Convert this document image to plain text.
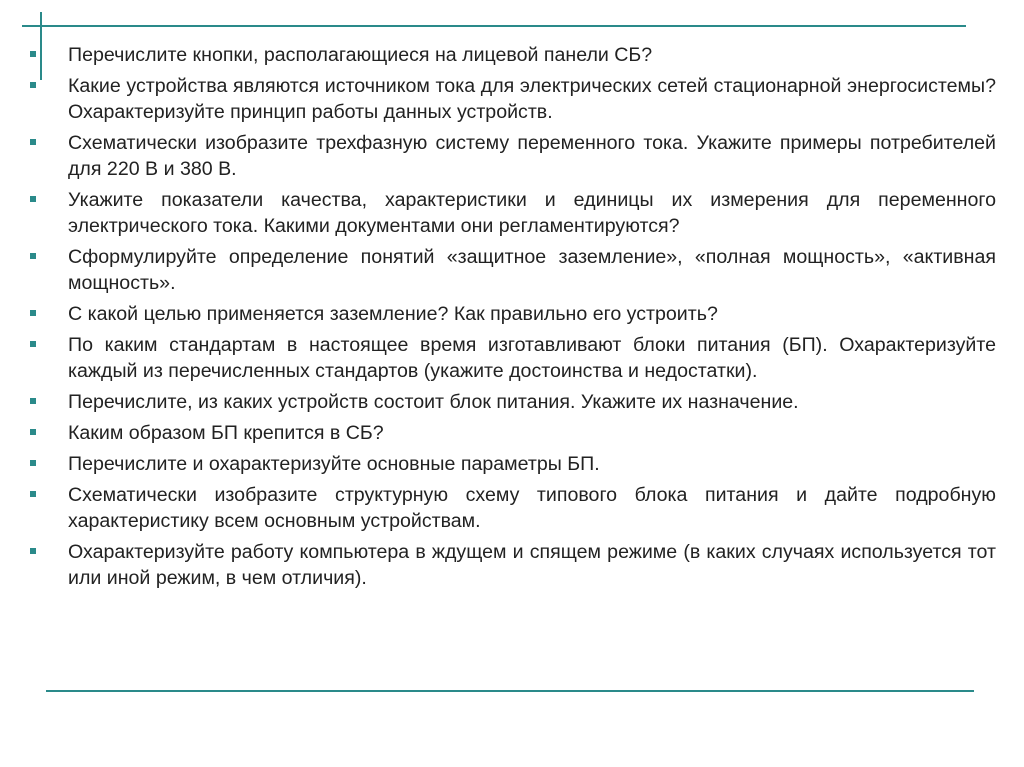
Перечислите кнопки, располагающиеся на лицевой панели СБ?
Какие устройства являются источником тока для электрических сетей стационарной энергосистемы? Охарактеризуйте принцип работы данных устройств.
Схематически изобразите трехфазную систему переменного тока. Укажите примеры потребителей для 220 В и 380 В.
Укажите показатели качества, характеристики и единицы их измерения для переменного электрического тока. Какими документами они регламентируются?
Сформулируйте определение понятий «защитное заземление», «полная мощность», «активная мощность».
С какой целью применяется заземление? Как правильно его устроить?
По каким стандартам в настоящее время изготавливают блоки питания (БП). Охарактеризуйте каждый из перечисленных стандартов (укажите достоинства и недостатки).
Перечислите, из каких устройств состоит блок питания. Укажите их назначение.
Каким образом БП крепится в СБ?
Перечислите и охарактеризуйте основные параметры БП.
Схематически изобразите структурную схему типового блока питания и дайте подробную характеристику всем основным устройствам.
Охарактеризуйте работу компьютера в ждущем и спящем режиме (в каких случаях используется тот или иной режим, в чем отличия).
